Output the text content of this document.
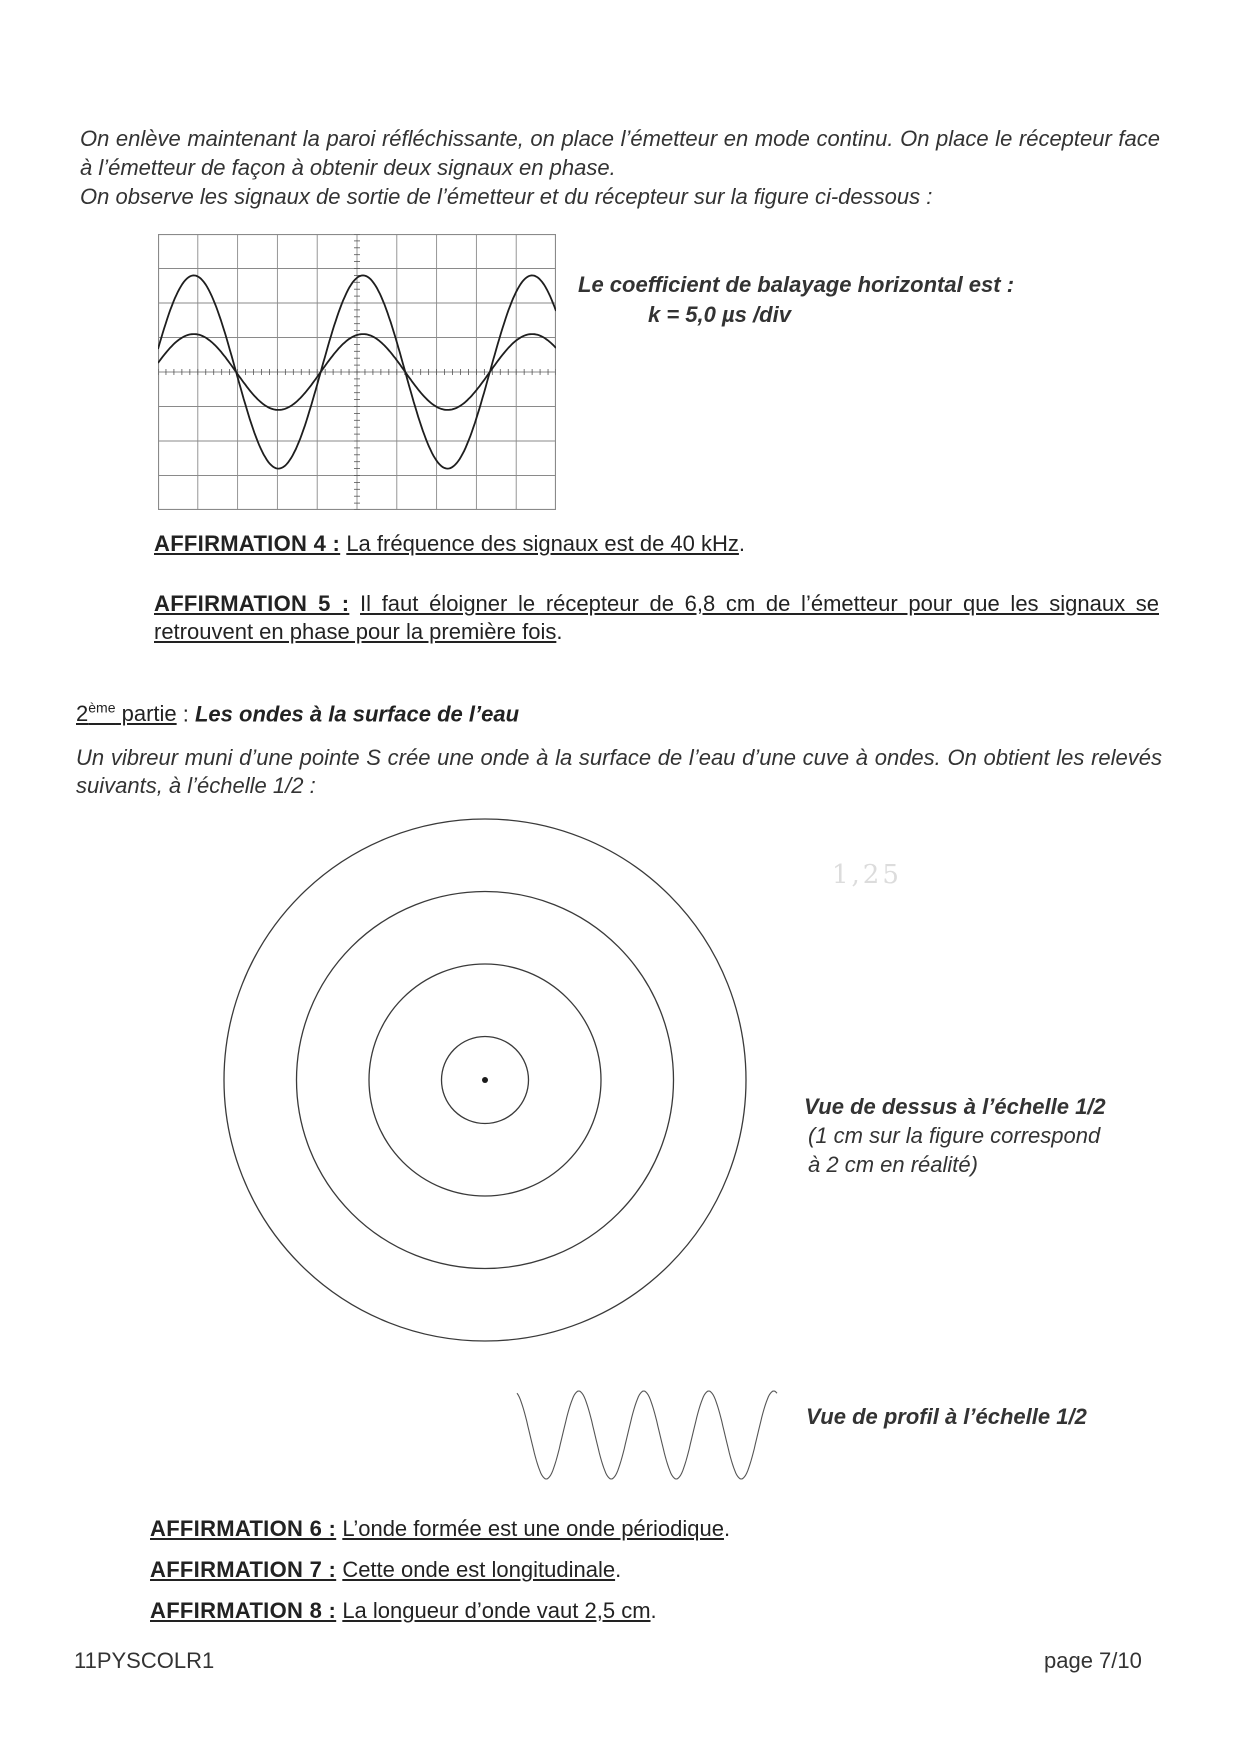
On enlève maintenant la paroi réfléchissante, on place l’émetteur en mode continu. On place le récepteur face à l’émetteur de façon à obtenir deux signaux en phase.

On observe les signaux de sortie de l’émetteur et du récepteur sur la figure ci-dessous :

Le coefficient de balayage horizontal est :
k = 5,0 µs /div
AFFIRMATION 4 : La fréquence des signaux est de 40 kHz.
AFFIRMATION 5 : Il faut éloigner le récepteur de 6,8 cm de l’émetteur pour que les signaux se retrouvent en phase pour la première fois.
2ème partie : Les ondes à la surface de l’eau
Un vibreur muni d’une pointe S crée une onde à la surface de l’eau d’une cuve à ondes. On obtient les relevés suivants, à l’échelle 1/2 :
1,25
Vue de dessus à l’échelle 1/2
(1 cm sur la figure correspond
à 2 cm en réalité)
Vue de profil à l’échelle 1/2
AFFIRMATION 6 : L’onde formée est une onde périodique.
AFFIRMATION 7 : Cette onde est longitudinale.
AFFIRMATION 8 : La longueur d’onde vaut 2,5 cm.
11PYSCOLR1	page 7/10
